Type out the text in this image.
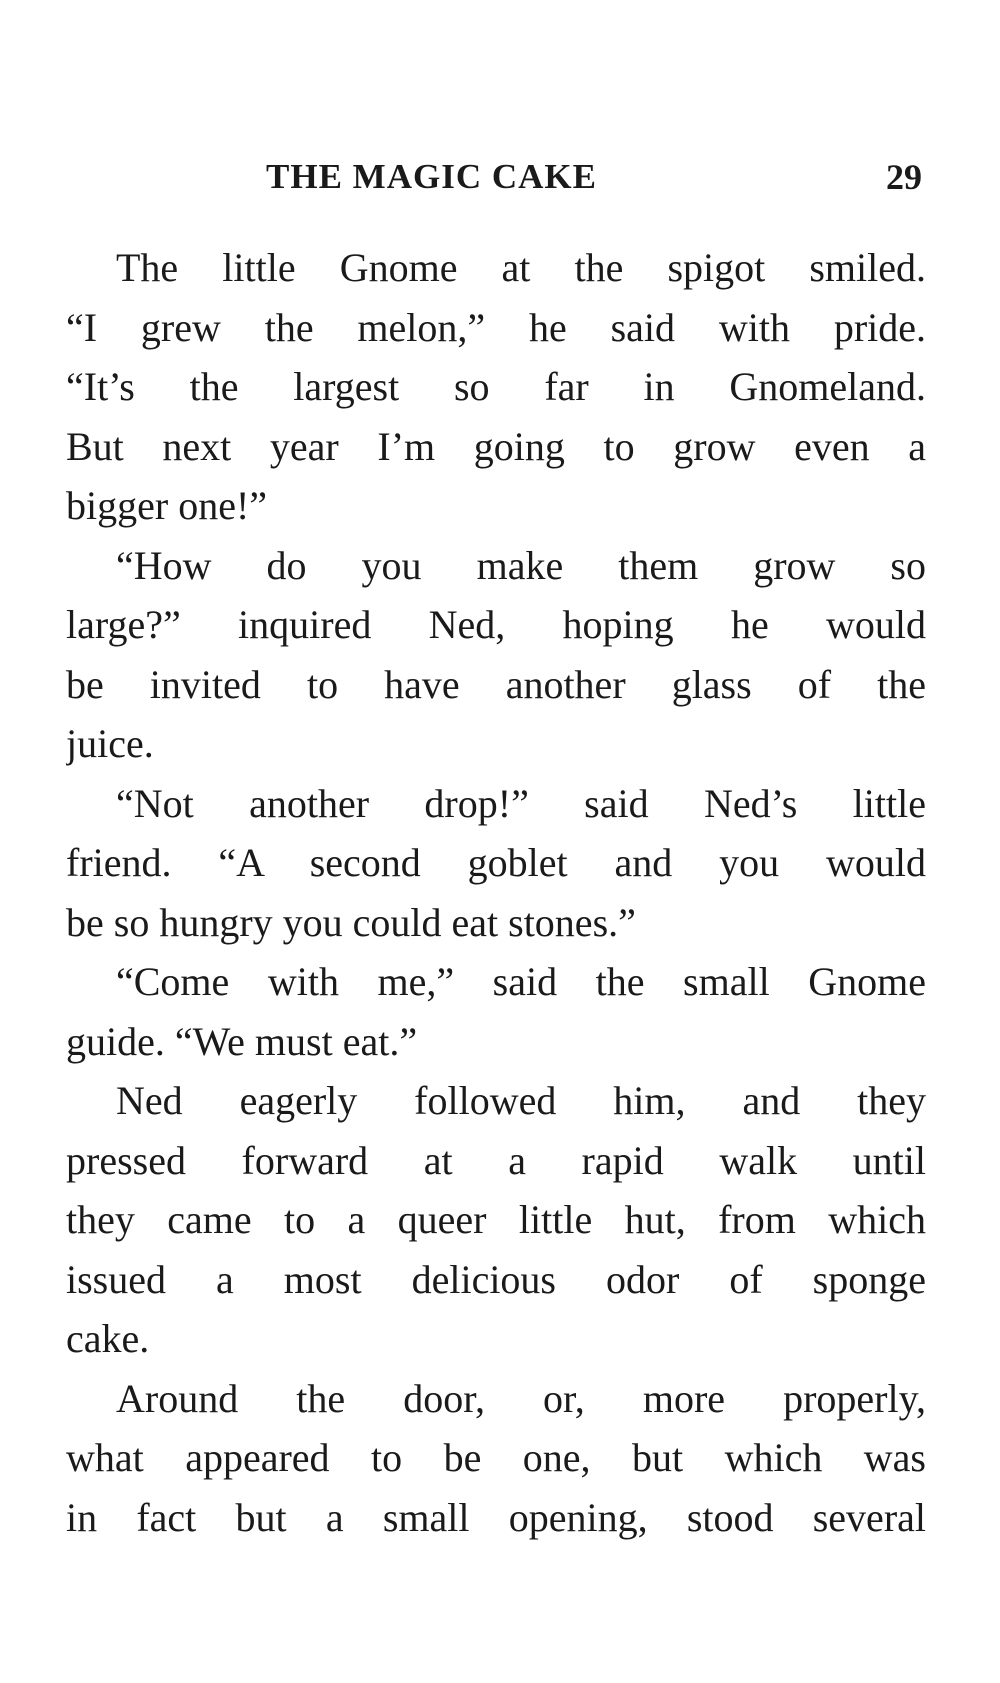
THE MAGIC CAKE	29
The little Gnome at the spigot smiled.
“I grew the melon,” he said with pride.
“It’s the largest so far in Gnomeland.
But next year I’m going to grow even a
bigger one!”
“How do you make them grow so
large?” inquired Ned, hoping he would
be invited to have another glass of the
juice.
“Not another drop!” said Ned’s little
friend. “A second goblet and you would
be so hungry you could eat stones.”
“Come with me,” said the small Gnome
guide. “We must eat.”
Ned eagerly followed him, and they
pressed forward at a rapid walk until
they came to a queer little hut, from which
issued a most delicious odor of sponge
cake.
Around the door, or, more properly,
what appeared to be one, but which was
in fact but a small opening, stood several
